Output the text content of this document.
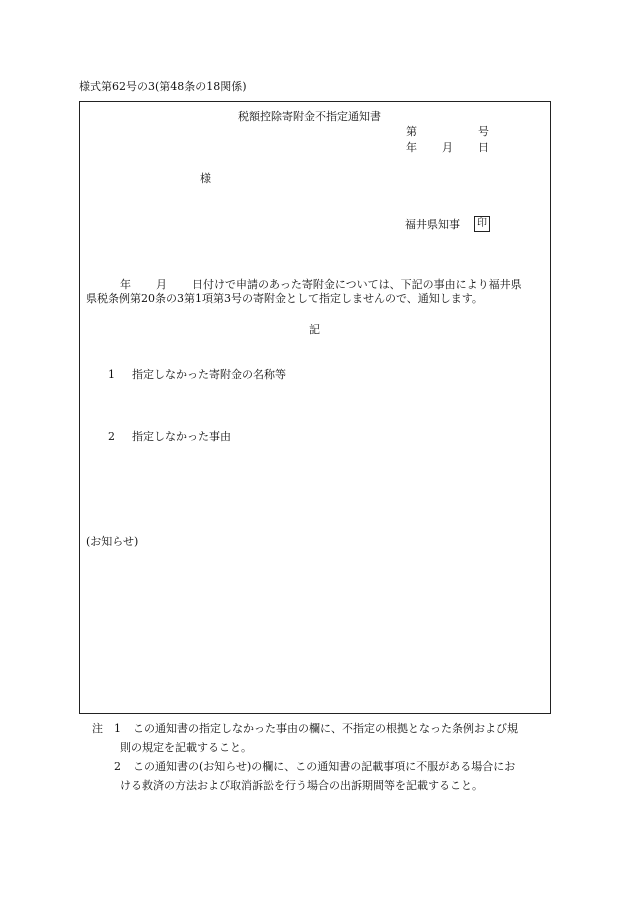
様式第62号の3(第48条の18関係)
税額控除寄附金不指定通知書
第	号
年 月 日
様
福井県知事	印
年 月 日付けで申請のあった寄附金については、下記の事由により福井県
県税条例第20条の3第1項第3号の寄附金として指定しませんので、通知します。
記
1 指定しなかった寄附金の名称等
2 指定しなかった事由
(お知らせ)
注 1 この通知書の指定しなかった事由の欄に、不指定の根拠となった条例および規
則の規定を記載すること。
2 この通知書の(お知らせ)の欄に、この通知書の記載事項に不服がある場合にお
ける救済の方法および取消訴訟を行う場合の出訴期間等を記載すること。
